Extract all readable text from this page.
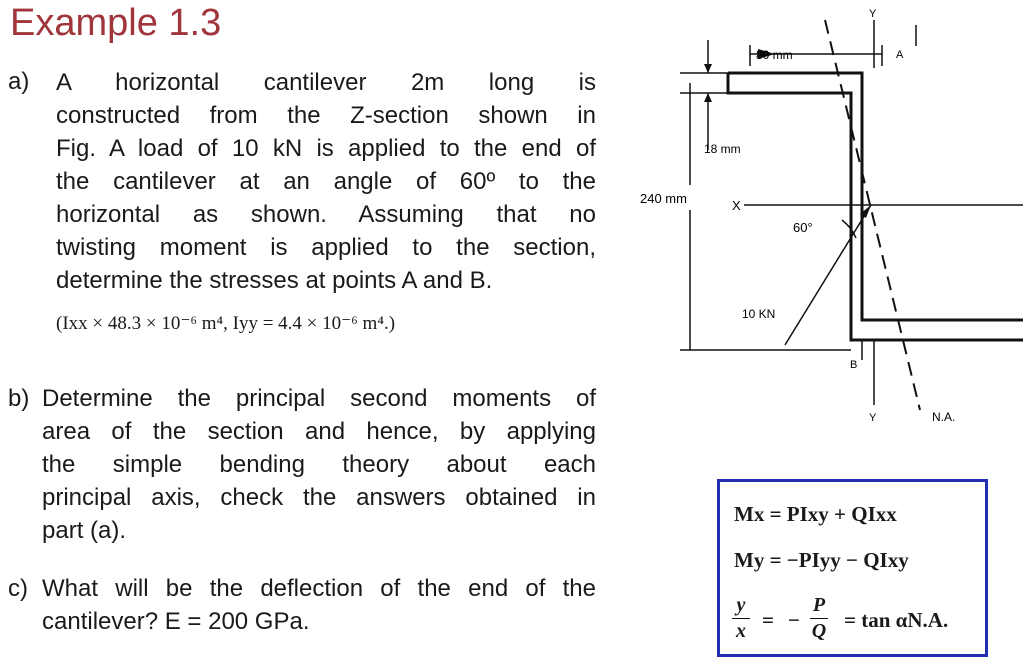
Example 1.3
a) A horizontal cantilever 2m long is
constructed from the Z-section shown in
Fig. A load of 10 kN is applied to the end of
the cantilever at an angle of 60º to the
horizontal as shown. Assuming that no
twisting moment is applied to the section,
determine the stresses at points A and B.
(Ixx × 48.3 × 10⁻⁶ m⁴, Iyy = 4.4 × 10⁻⁶ m⁴.)
b) Determine the principal second moments of
area of the section and hence, by applying
the simple bending theory about each
principal axis, check the answers obtained in
part (a).
c) What will be the deflection of the end of the
cantilever? E = 200 GPa.
80 mm
18 mm
240 mm	X
Y
Y
A
B
60°
10 KN
N.A.
Mx = PIxy + QIxx
My = −PIyy − QIxy
y
x = −
P
Q = tan αN.A.
